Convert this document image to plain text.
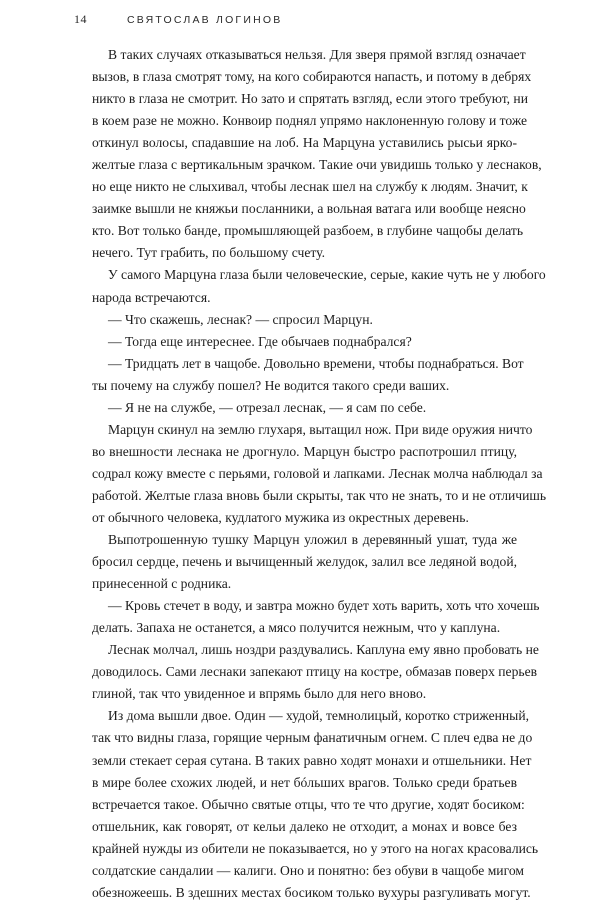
14	СВЯТОСЛАВ ЛОГИНОВ

В таких случаях отказываться нельзя. Для зверя прямой взгляд означает
вызов, в глаза смотрят тому, на кого собираются напасть, и потому в дебрях
никто в глаза не смотрит. Но зато и спрятать взгляд, если этого требуют, ни
в коем разе не можно. Конвоир поднял упрямо наклоненную голову и тоже
откинул волосы, спадавшие на лоб. На Марцуна уставились рысьи ярко-
желтые глаза с вертикальным зрачком. Такие очи увидишь только у леснаков,
но еще никто не слыхивал, чтобы леснак шел на службу к людям. Значит, к
заимке вышли не княжьи посланники, а вольная ватага или вообще неясно
кто. Вот только банде, промышляющей разбоем, в глубине чащобы делать
нечего. Тут грабить, по большому счету.

У самого Марцуна глаза были человеческие, серые, какие чуть не у любого
народа встречаются.

— Что скажешь, леснак? — спросил Марцун.

— Тогда еще интереснее. Где обычаев поднабрался?

— Тридцать лет в чащобе. Довольно времени, чтобы поднабраться. Вот
ты почему на службу пошел? Не водится такого среди ваших.

— Я не на службе, — отрезал леснак, — я сам по себе.

Марцун скинул на землю глухаря, вытащил нож. При виде оружия ничто
во внешности леснака не дрогнуло. Марцун быстро распотрошил птицу,
содрал кожу вместе с перьями, головой и лапками. Леснак молча наблюдал за
работой. Желтые глаза вновь были скрыты, так что не знать, то и не отличишь
от обычного человека, кудлатого мужика из окрестных деревень.

Выпотрошенную тушку Марцун уложил в деревянный ушат, туда же
бросил сердце, печень и вычищенный желудок, залил все ледяной водой,
принесенной с родника.

— Кровь стечет в воду, и завтра можно будет хоть варить, хоть что хочешь
делать. Запаха не останется, а мясо получится нежным, что у каплуна.

Леснак молчал, лишь ноздри раздувались. Каплуна ему явно пробовать не
доводилось. Сами леснаки запекают птицу на костре, обмазав поверх перьев
глиной, так что увиденное и впрямь было для него вново.

Из дома вышли двое. Один — худой, темнолицый, коротко стриженный,
так что видны глаза, горящие черным фанатичным огнем. С плеч едва не до
земли стекает серая сутана. В таких равно ходят монахи и отшельники. Нет
в мире более схожих людей, и нет бóльших врагов. Только среди братьев
встречается такое. Обычно святые отцы, что те что другие, ходят босиком:
отшельник, как говорят, от кельи далеко не отходит, а монах и вовсе без
крайней нужды из обители не показывается, но у этого на ногах красовались
солдатские сандалии — калиги. Оно и понятно: без обуви в чащобе мигом
обезножеешь. В здешних местах босиком только вухуры разгуливать могут.
